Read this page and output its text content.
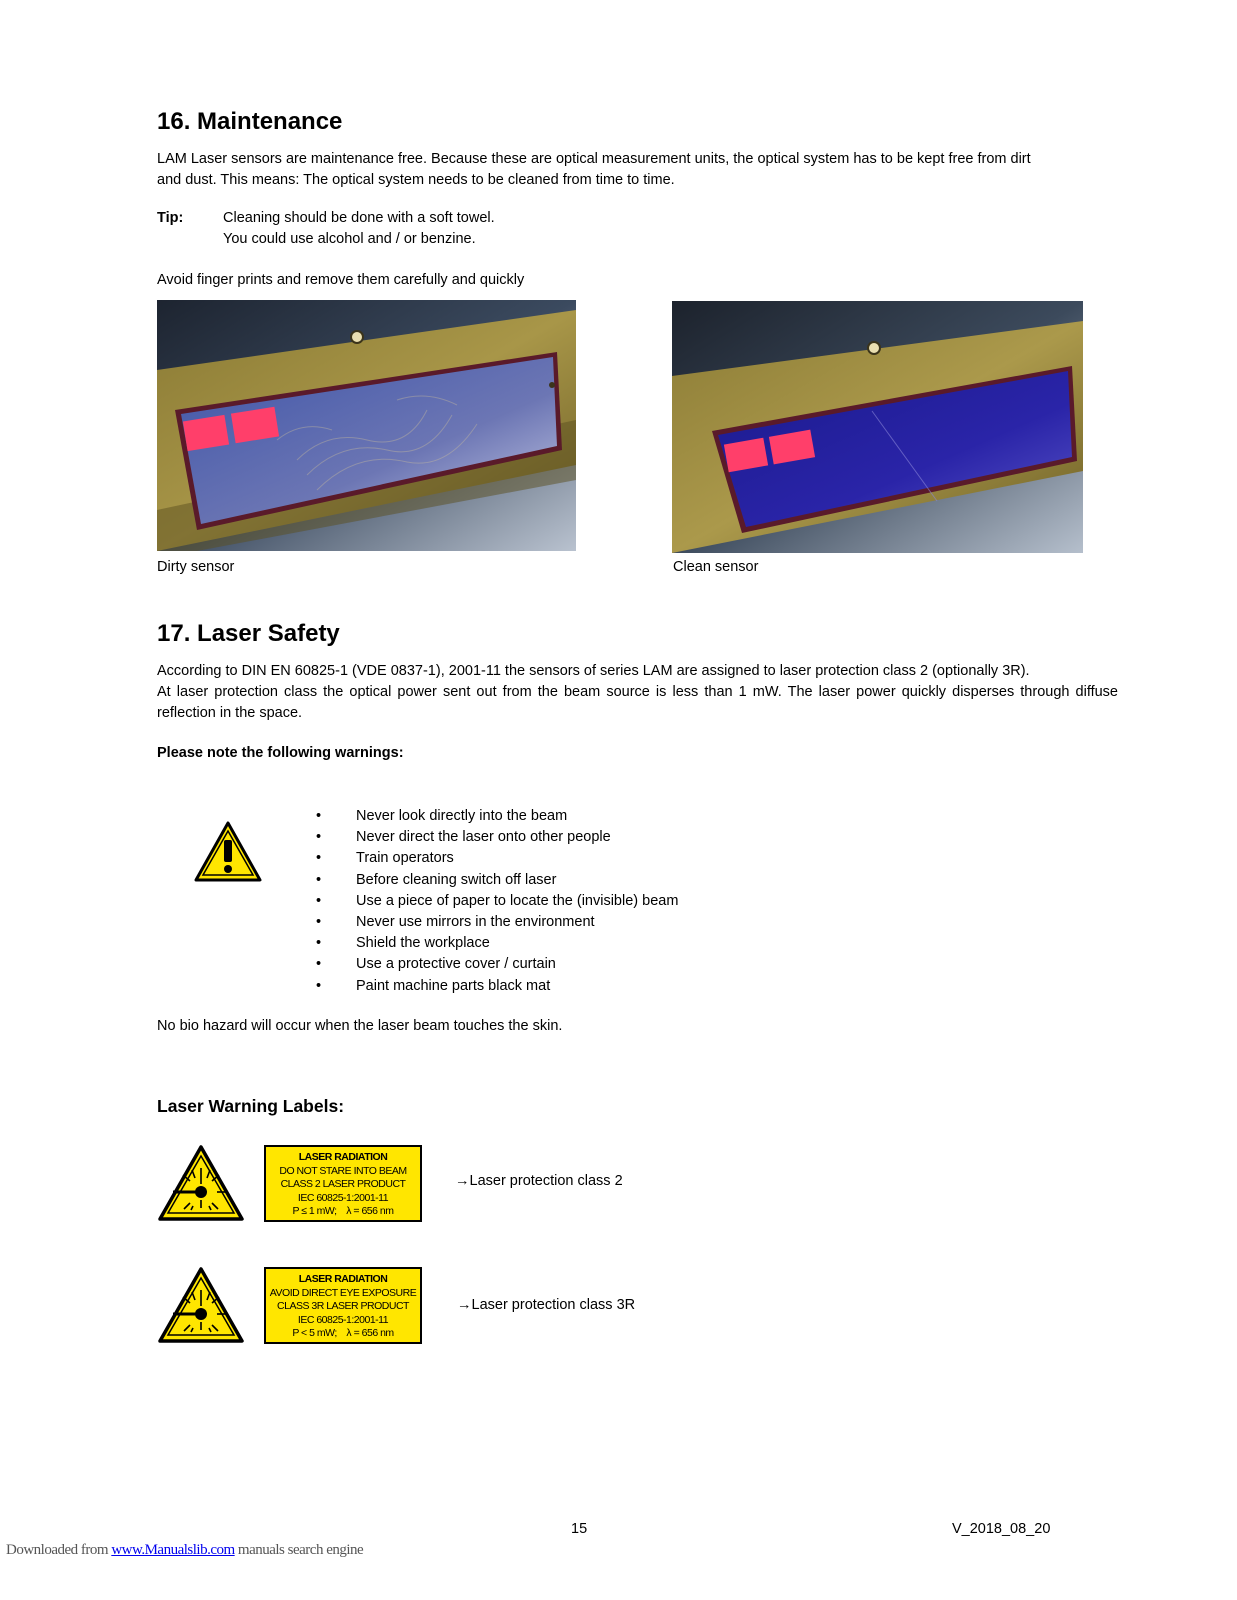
16. Maintenance
LAM Laser sensors are maintenance free. Because these are optical measurement units, the optical system has to be kept free from dirt
and dust. This means: The optical system needs to be cleaned from time to time.
Tip:	Cleaning should be done with a soft towel.
You could use alcohol and / or benzine.
Avoid finger prints and remove them carefully and quickly
Dirty sensor	Clean sensor
17. Laser Safety
According to DIN EN 60825-1 (VDE 0837-1), 2001-11 the sensors of series LAM are assigned to laser protection class 2 (optionally 3R).
At laser protection class the optical power sent out from the beam source is less than 1 mW. The laser power quickly disperses through diffuse reflection in the space.
Please note the following warnings:
• Never look directly into the beam
• Never direct the laser onto other people
• Train operators
• Before cleaning switch off laser
• Use a piece of paper to locate the (invisible) beam
• Never use mirrors in the environment
• Shield the workplace
• Use a protective cover / curtain
• Paint machine parts black mat
No bio hazard will occur when the laser beam touches the skin.
Laser Warning Labels:
LASER RADIATION
DO NOT STARE INTO BEAM
CLASS 2 LASER PRODUCT
IEC 60825-1:2001-11
P ≤ 1 mW;    λ = 656 nm
→Laser protection class 2
LASER RADIATION
AVOID DIRECT EYE EXPOSURE
CLASS 3R LASER PRODUCT
IEC 60825-1:2001-11
P < 5 mW;    λ = 656 nm
→Laser protection class 3R
15	V_2018_08_20
Downloaded from www.Manualslib.com manuals search engine
